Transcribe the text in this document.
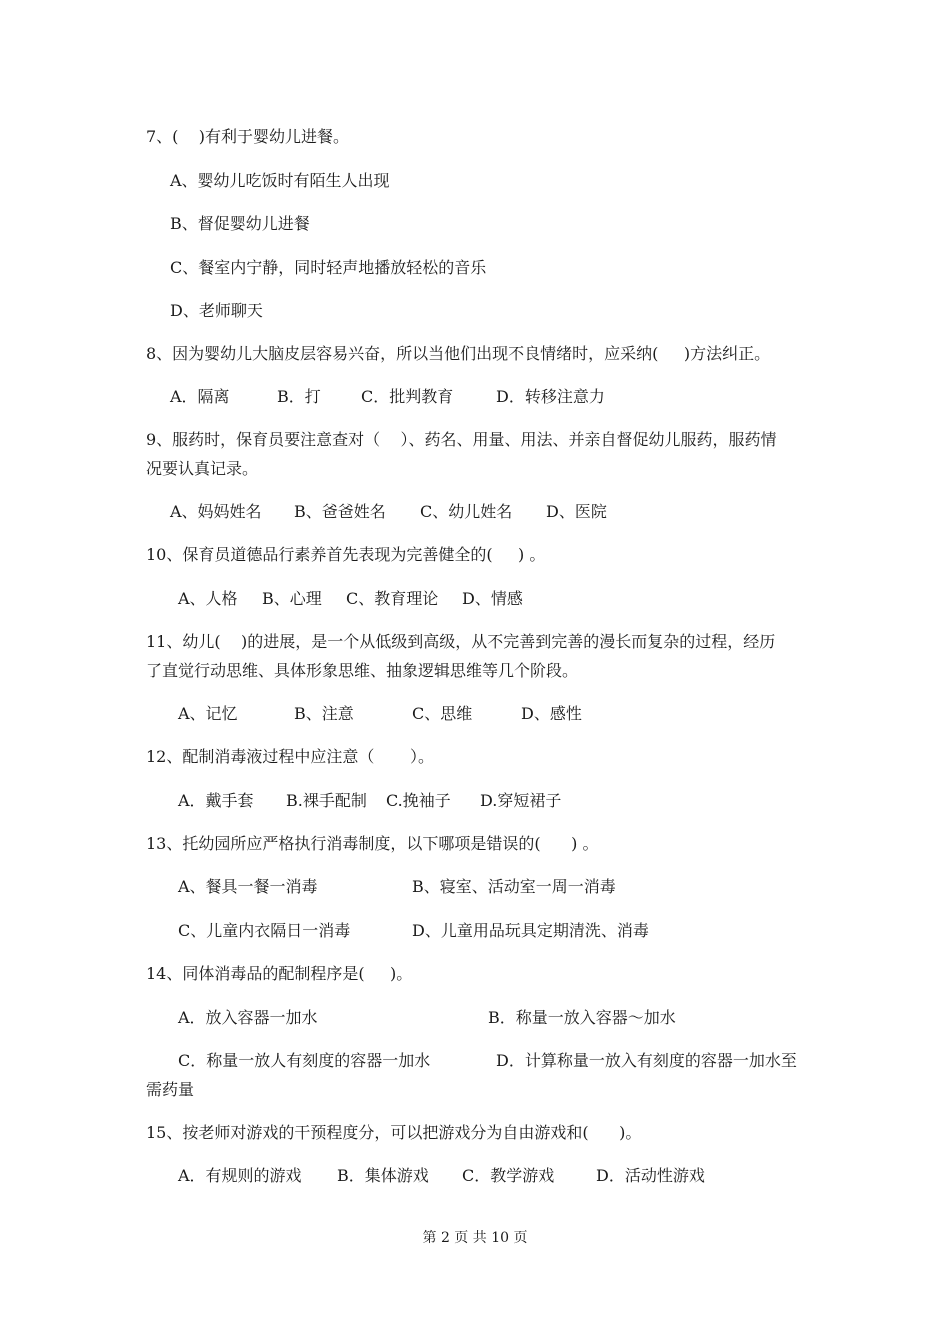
7、(    )有利于婴幼儿进餐。
A、婴幼儿吃饭时有陌生人出现
B、督促婴幼儿进餐
C、餐室内宁静，同时轻声地播放轻松的音乐
D、老师聊天
8、因为婴幼儿大脑皮层容易兴奋，所以当他们出现不良情绪时，应采纳(     )方法纠正。
A．隔离	B．打	C．批判教育	D．转移注意力
9、服药时，保育员要注意查对（    ）、药名、用量、用法、并亲自督促幼儿服药，服药情
况要认真记录。
A、妈妈姓名 B、爸爸姓名 C、幼儿姓名 D、医院
10、保育员道德品行素养首先表现为完善健全的(     ) 。
A、人格 B、心理 C、教育理论 D、情感
11、幼儿(    )的进展，是一个从低级到高级，从不完善到完善的漫长而复杂的过程，经历
了直觉行动思维、具体形象思维、抽象逻辑思维等几个阶段。
A、记忆	B、注意	C、思维	D、感性
12、配制消毒液过程中应注意（       ）。
A．戴手套 B.裸手配制 C.挽袖子 D.穿短裙子
13、托幼园所应严格执行消毒制度，以下哪项是错误的(      ) 。
A、餐具一餐一消毒	B、寝室、活动室一周一消毒
C、儿童内衣隔日一消毒	D、儿童用品玩具定期清洗、消毒
14、同体消毒品的配制程序是(     )。
A．放入容器一加水	B．称量一放入容器～加水
C．称量一放人有刻度的容器一加水	D．计算称量一放入有刻度的容器一加水至
需药量
15、按老师对游戏的干预程度分，可以把游戏分为自由游戏和(      )。
A．有规则的游戏 B．集体游戏 C．教学游戏	D．活动性游戏
第 2 页 共 10 页
